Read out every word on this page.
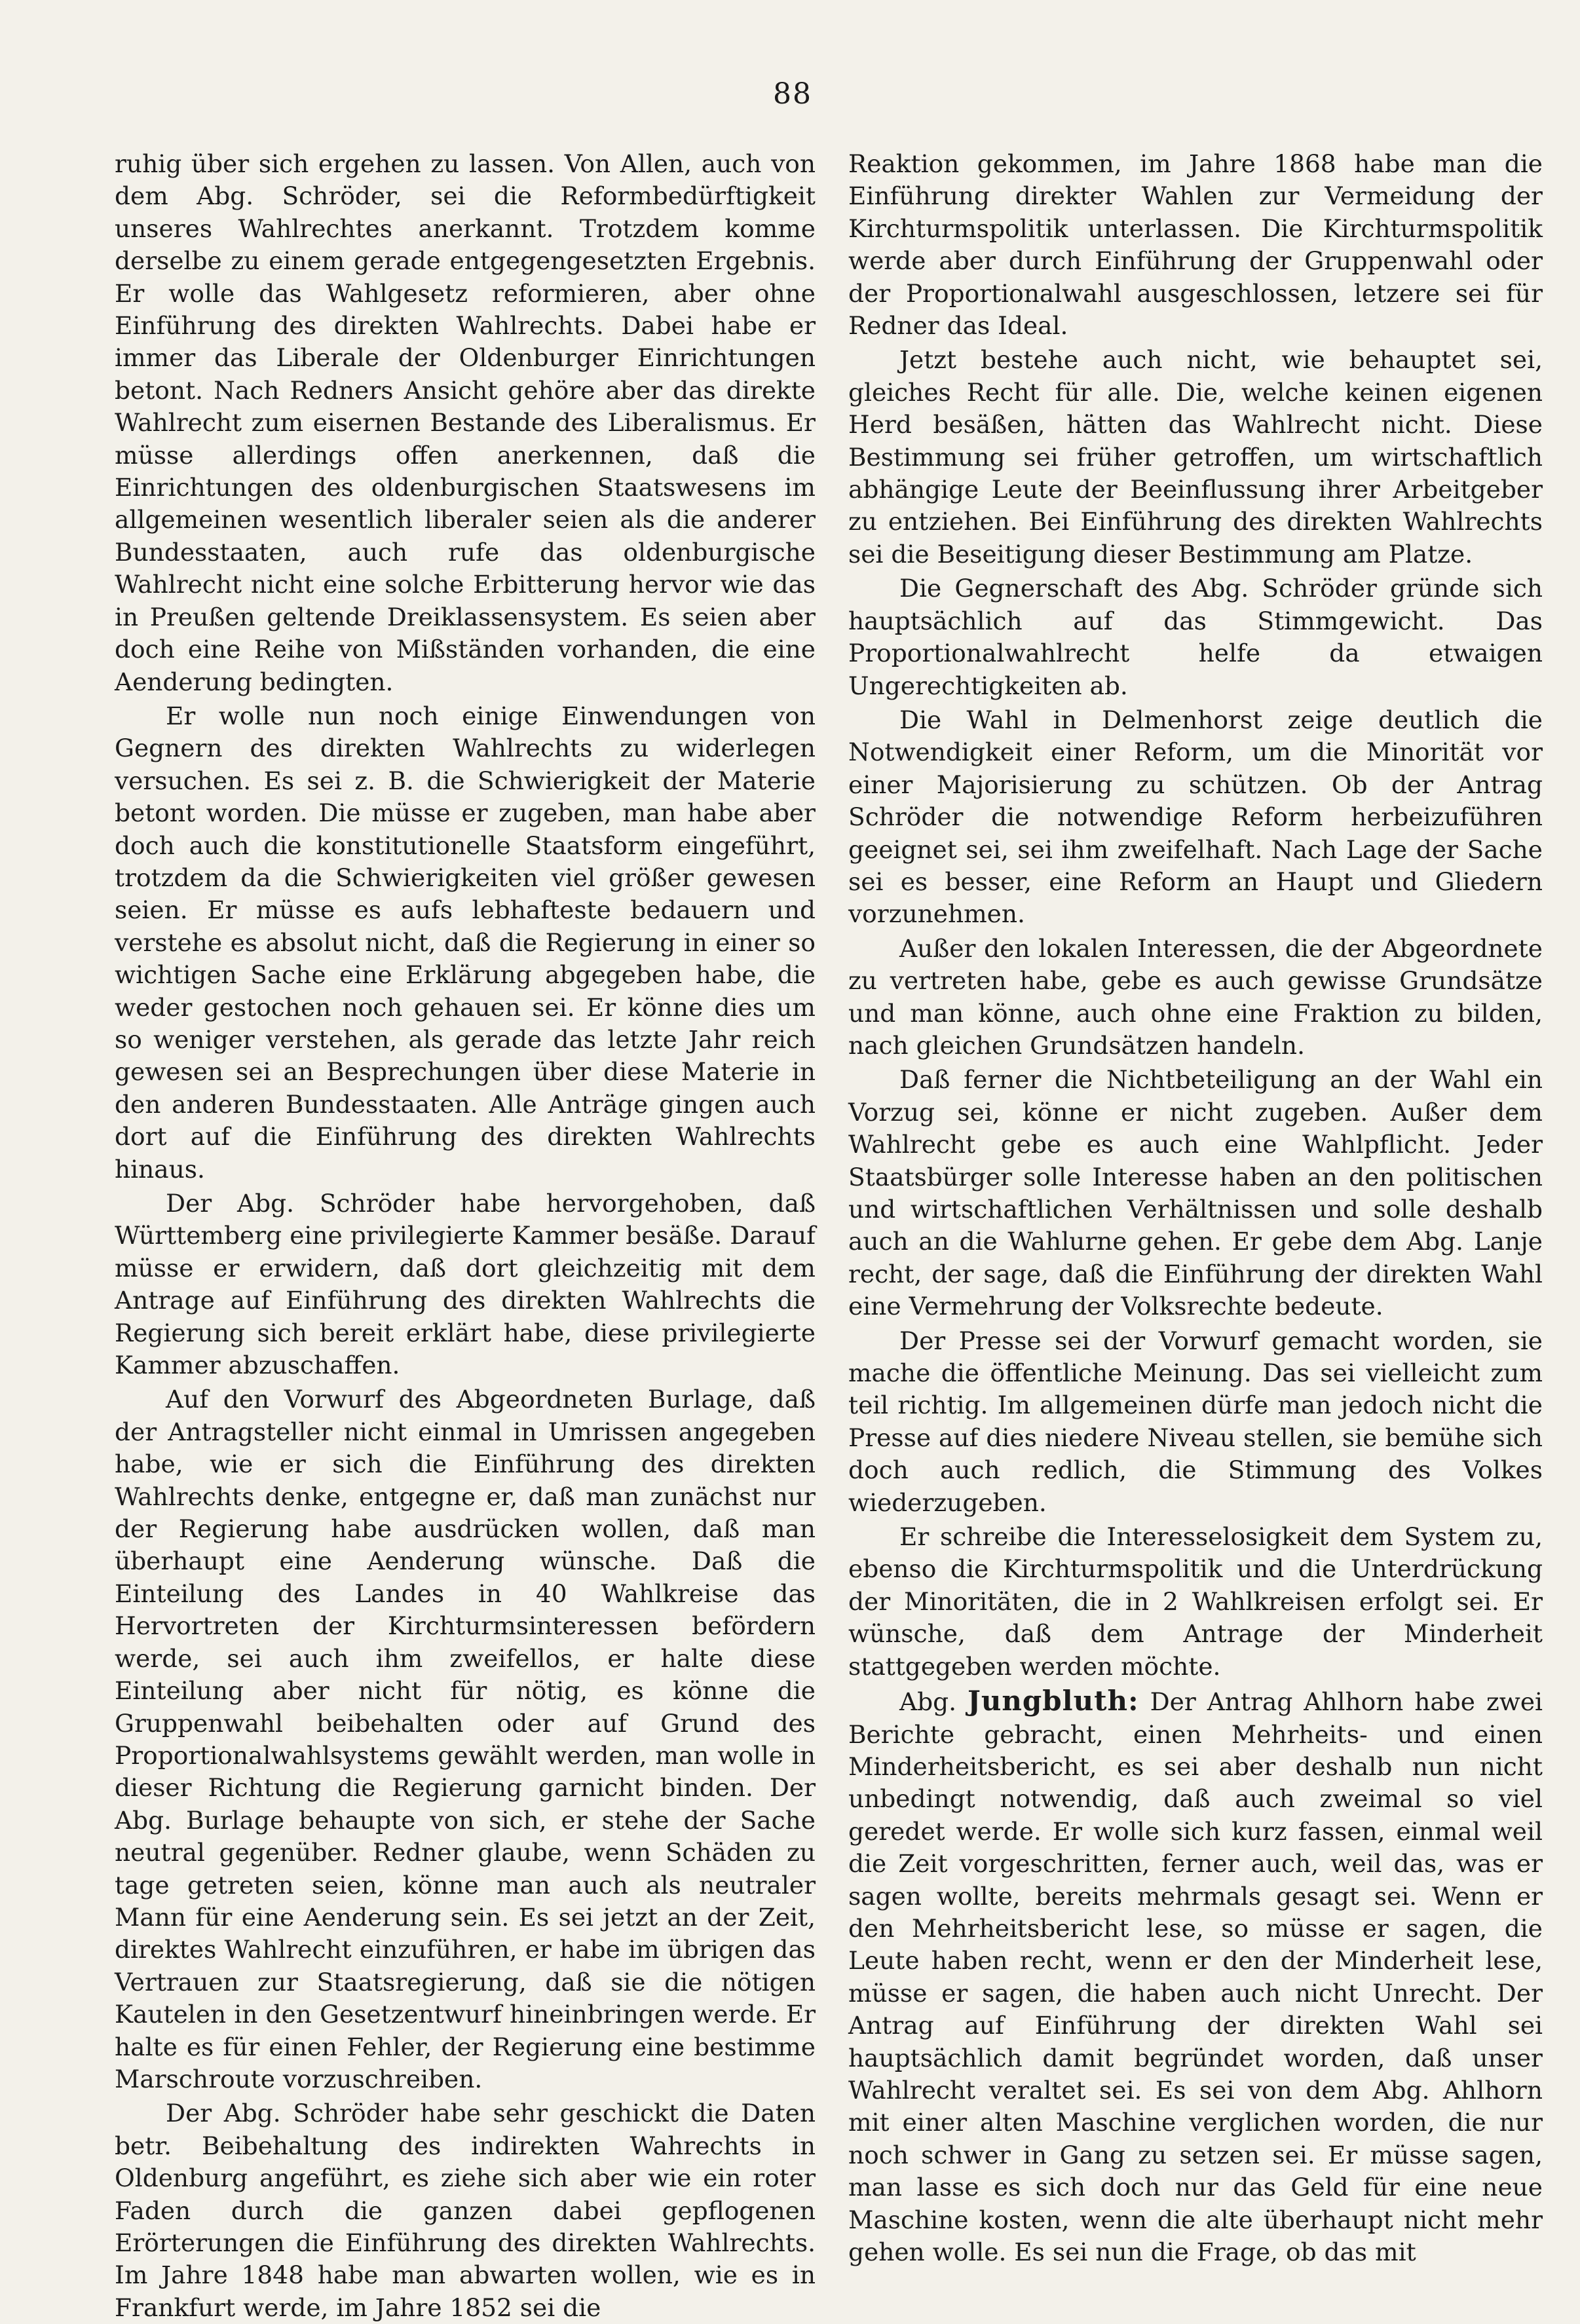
88

ruhig über sich ergehen zu lassen. Von Allen, auch von dem Abg. Schröder, sei die Reformbedürftigkeit unseres Wahlrechtes anerkannt. Trotzdem komme derselbe zu einem gerade entgegengesetzten Ergebnis. Er wolle das Wahlgesetz reformieren, aber ohne Einführung des direkten Wahlrechts. Dabei habe er immer das Liberale der Oldenburger Einrichtungen betont. Nach Redners Ansicht gehöre aber das direkte Wahlrecht zum eisernen Bestande des Liberalismus. Er müsse allerdings offen anerkennen, daß die Einrichtungen des oldenburgischen Staatswesens im allgemeinen wesentlich liberaler seien als die anderer Bundesstaaten, auch rufe das oldenburgische Wahlrecht nicht eine solche Erbitterung hervor wie das in Preußen geltende Dreiklassensystem. Es seien aber doch eine Reihe von Mißständen vorhanden, die eine Aenderung bedingten.

Er wolle nun noch einige Einwendungen von Gegnern des direkten Wahlrechts zu widerlegen versuchen. Es sei z. B. die Schwierigkeit der Materie betont worden. Die müsse er zugeben, man habe aber doch auch die konstitutionelle Staatsform eingeführt, trotzdem da die Schwierigkeiten viel größer gewesen seien. Er müsse es aufs lebhafteste bedauern und verstehe es absolut nicht, daß die Regierung in einer so wichtigen Sache eine Erklärung abgegeben habe, die weder gestochen noch gehauen sei. Er könne dies um so weniger verstehen, als gerade das letzte Jahr reich gewesen sei an Besprechungen über diese Materie in den anderen Bundesstaaten. Alle Anträge gingen auch dort auf die Einführung des direkten Wahlrechts hinaus.

Der Abg. Schröder habe hervorgehoben, daß Württemberg eine privilegierte Kammer besäße. Darauf müsse er erwidern, daß dort gleichzeitig mit dem Antrage auf Einführung des direkten Wahlrechts die Regierung sich bereit erklärt habe, diese privilegierte Kammer abzuschaffen.

Auf den Vorwurf des Abgeordneten Burlage, daß der Antragsteller nicht einmal in Umrissen angegeben habe, wie er sich die Einführung des direkten Wahlrechts denke, entgegne er, daß man zunächst nur der Regierung habe ausdrücken wollen, daß man überhaupt eine Aenderung wünsche. Daß die Einteilung des Landes in 40 Wahlkreise das Hervortreten der Kirchturmsinteressen befördern werde, sei auch ihm zweifellos, er halte diese Einteilung aber nicht für nötig, es könne die Gruppenwahl beibehalten oder auf Grund des Proportionalwahlsystems gewählt werden, man wolle in dieser Richtung die Regierung garnicht binden. Der Abg. Burlage behaupte von sich, er stehe der Sache neutral gegenüber. Redner glaube, wenn Schäden zu tage getreten seien, könne man auch als neutraler Mann für eine Aenderung sein. Es sei jetzt an der Zeit, direktes Wahlrecht einzuführen, er habe im übrigen das Vertrauen zur Staatsregierung, daß sie die nötigen Kautelen in den Gesetzentwurf hineinbringen werde. Er halte es für einen Fehler, der Regierung eine bestimme Marschroute vorzuschreiben.

Der Abg. Schröder habe sehr geschickt die Daten betr. Beibehaltung des indirekten Wahrechts in Oldenburg angeführt, es ziehe sich aber wie ein roter Faden durch die ganzen dabei gepflogenen Erörterungen die Einführung des direkten Wahlrechts. Im Jahre 1848 habe man abwarten wollen, wie es in Frankfurt werde, im Jahre 1852 sei die

Reaktion gekommen, im Jahre 1868 habe man die Einführung direkter Wahlen zur Vermeidung der Kirchturmspolitik unterlassen. Die Kirchturmspolitik werde aber durch Einführung der Gruppenwahl oder der Proportionalwahl ausgeschlossen, letzere sei für Redner das Ideal.

Jetzt bestehe auch nicht, wie behauptet sei, gleiches Recht für alle. Die, welche keinen eigenen Herd besäßen, hätten das Wahlrecht nicht. Diese Bestimmung sei früher getroffen, um wirtschaftlich abhängige Leute der Beeinflussung ihrer Arbeitgeber zu entziehen. Bei Einführung des direkten Wahlrechts sei die Beseitigung dieser Bestimmung am Platze.

Die Gegnerschaft des Abg. Schröder gründe sich hauptsächlich auf das Stimmgewicht. Das Proportionalwahlrecht helfe da etwaigen Ungerechtigkeiten ab.

Die Wahl in Delmenhorst zeige deutlich die Notwendigkeit einer Reform, um die Minorität vor einer Majorisierung zu schützen. Ob der Antrag Schröder die notwendige Reform herbeizuführen geeignet sei, sei ihm zweifelhaft. Nach Lage der Sache sei es besser, eine Reform an Haupt und Gliedern vorzunehmen.

Außer den lokalen Interessen, die der Abgeordnete zu vertreten habe, gebe es auch gewisse Grundsätze und man könne, auch ohne eine Fraktion zu bilden, nach gleichen Grundsätzen handeln.

Daß ferner die Nichtbeteiligung an der Wahl ein Vorzug sei, könne er nicht zugeben. Außer dem Wahlrecht gebe es auch eine Wahlpflicht. Jeder Staatsbürger solle Interesse haben an den politischen und wirtschaftlichen Verhältnissen und solle deshalb auch an die Wahlurne gehen. Er gebe dem Abg. Lanje recht, der sage, daß die Einführung der direkten Wahl eine Vermehrung der Volksrechte bedeute.

Der Presse sei der Vorwurf gemacht worden, sie mache die öffentliche Meinung. Das sei vielleicht zum teil richtig. Im allgemeinen dürfe man jedoch nicht die Presse auf dies niedere Niveau stellen, sie bemühe sich doch auch redlich, die Stimmung des Volkes wiederzugeben.

Er schreibe die Interesselosigkeit dem System zu, ebenso die Kirchturmspolitik und die Unterdrückung der Minoritäten, die in 2 Wahlkreisen erfolgt sei. Er wünsche, daß dem Antrage der Minderheit stattgegeben werden möchte.

Abg. Jungbluth: Der Antrag Ahlhorn habe zwei Berichte gebracht, einen Mehrheits- und einen Minderheitsbericht, es sei aber deshalb nun nicht unbedingt notwendig, daß auch zweimal so viel geredet werde. Er wolle sich kurz fassen, einmal weil die Zeit vorgeschritten, ferner auch, weil das, was er sagen wollte, bereits mehrmals gesagt sei. Wenn er den Mehrheitsbericht lese, so müsse er sagen, die Leute haben recht, wenn er den der Minderheit lese, müsse er sagen, die haben auch nicht Unrecht. Der Antrag auf Einführung der direkten Wahl sei hauptsächlich damit begründet worden, daß unser Wahlrecht veraltet sei. Es sei von dem Abg. Ahlhorn mit einer alten Maschine verglichen worden, die nur noch schwer in Gang zu setzen sei. Er müsse sagen, man lasse es sich doch nur das Geld für eine neue Maschine kosten, wenn die alte überhaupt nicht mehr gehen wolle. Es sei nun die Frage, ob das mit
